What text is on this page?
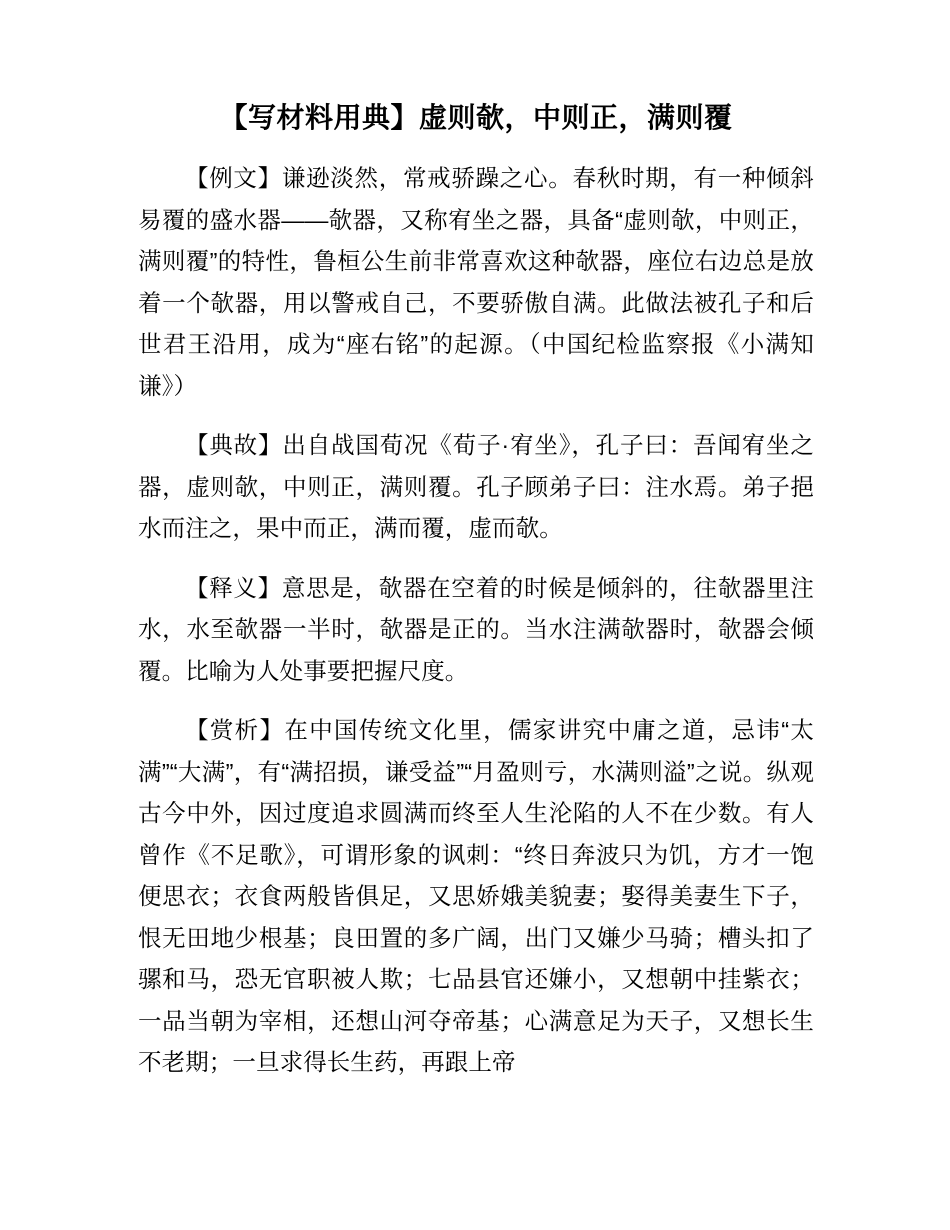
【写材料用典】虚则欹，中则正，满则覆

【例文】谦逊淡然，常戒骄躁之心。春秋时期，有一种倾斜易覆的盛水器——欹器，又称宥坐之器，具备“虚则欹，中则正，满则覆”的特性，鲁桓公生前非常喜欢这种欹器，座位右边总是放着一个欹器，用以警戒自己，不要骄傲自满。此做法被孔子和后世君王沿用，成为“座右铭”的起源。（中国纪检监察报《小满知谦》）

【典故】出自战国荀况《荀子·宥坐》，孔子曰：吾闻宥坐之器，虚则欹，中则正，满则覆。孔子顾弟子曰：注水焉。弟子挹水而注之，果中而正，满而覆，虚而欹。

【释义】意思是，欹器在空着的时候是倾斜的，往欹器里注水，水至欹器一半时，欹器是正的。当水注满欹器时，欹器会倾覆。比喻为人处事要把握尺度。

【赏析】在中国传统文化里，儒家讲究中庸之道，忌讳“太满”“大满”，有“满招损，谦受益”“月盈则亏，水满则溢”之说。纵观古今中外，因过度追求圆满而终至人生沦陷的人不在少数。有人曾作《不足歌》，可谓形象的讽刺：“终日奔波只为饥，方才一饱便思衣；衣食两般皆俱足，又思娇娥美貌妻；娶得美妻生下子，恨无田地少根基；良田置的多广阔，出门又嫌少马骑；槽头扣了骡和马，恐无官职被人欺；七品县官还嫌小，又想朝中挂紫衣；一品当朝为宰相，还想山河夺帝基；心满意足为天子，又想长生不老期；一旦求得长生药，再跟上帝
